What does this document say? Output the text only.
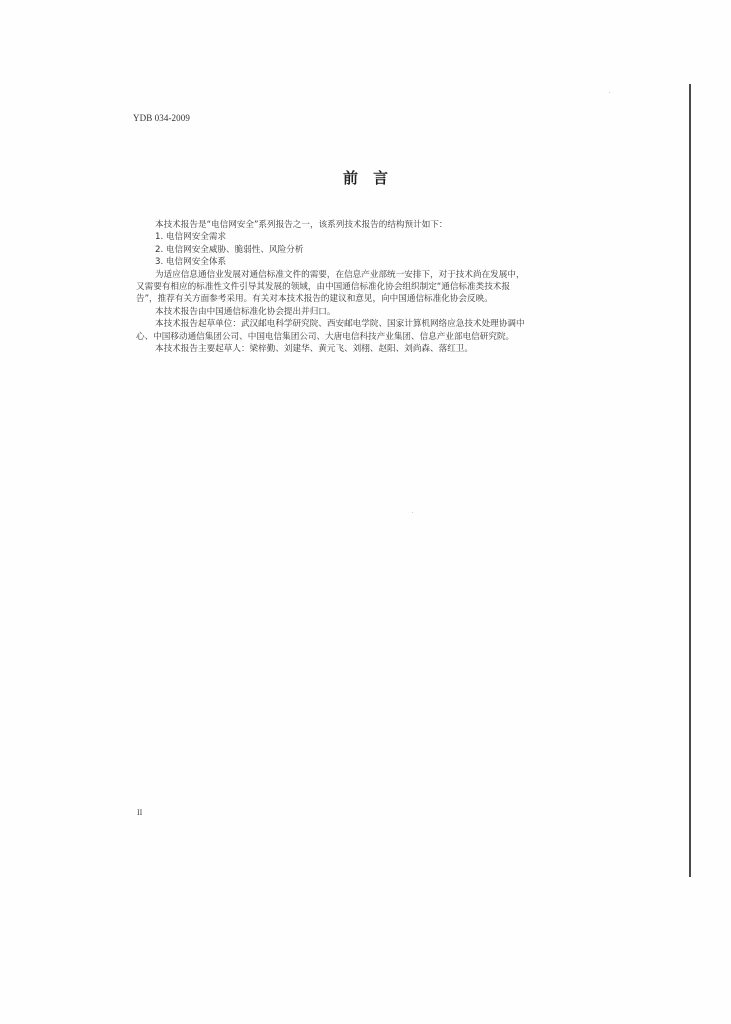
YDB 034-2009
前　言

本技术报告是“电信网安全”系列报告之一，该系列技术报告的结构预计如下：

1. 电信网安全需求

2. 电信网安全威胁、脆弱性、风险分析

3. 电信网安全体系

为适应信息通信业发展对通信标准文件的需要，在信息产业部统一安排下，对于技术尚在发展中，

又需要有相应的标准性文件引导其发展的领域，由中国通信标准化协会组织制定“通信标准类技术报

告”，推荐有关方面参考采用。有关对本技术报告的建议和意见，向中国通信标准化协会反映。

本技术报告由中国通信标准化协会提出并归口。

本技术报告起草单位：武汉邮电科学研究院、西安邮电学院、国家计算机网络应急技术处理协调中

心、中国移动通信集团公司、中国电信集团公司、大唐电信科技产业集团、信息产业部电信研究院。

本技术报告主要起草人：梁梓勤、刘建华、黄元飞、刘栩、赵阳、刘尚森、落红卫。

II
